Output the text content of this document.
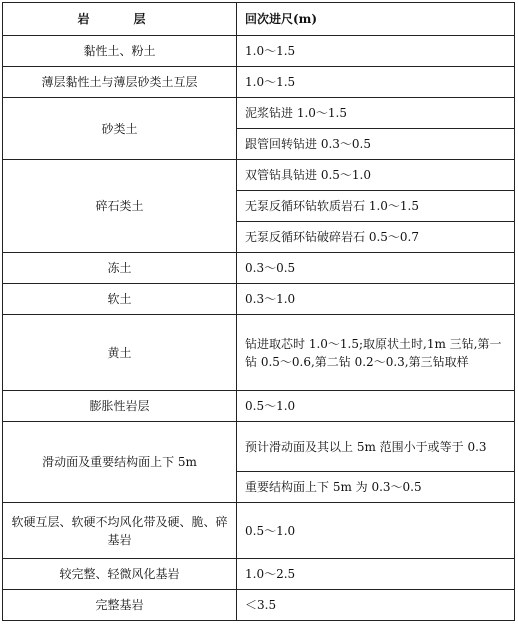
岩　层	回次进尺(m)
黏性土、粉土	1.0～1.5
薄层黏性土与薄层砂类土互层	1.0～1.5
砂类土	泥浆钻进 1.0～1.5
	跟管回转钻进 0.3～0.5
碎石类土	双管钻具钻进 0.5～1.0
	无泵反循环钻软质岩石 1.0～1.5
	无泵反循环钻破碎岩石 0.5～0.7
冻土	0.3～0.5
软土	0.3～1.0
黄土	钻进取芯时 1.0～1.5;取原状土时,1m 三钻,第一钻 0.5～0.6,第二钻 0.2～0.3,第三钻取样
膨胀性岩层	0.5～1.0
滑动面及重要结构面上下 5m	预计滑动面及其以上 5m 范围小于或等于 0.3
	重要结构面上下 5m 为 0.3～0.5
软硬互层、软硬不均风化带及硬、脆、碎基岩	0.5～1.0
较完整、轻微风化基岩	1.0～2.5
完整基岩	＜3.5
